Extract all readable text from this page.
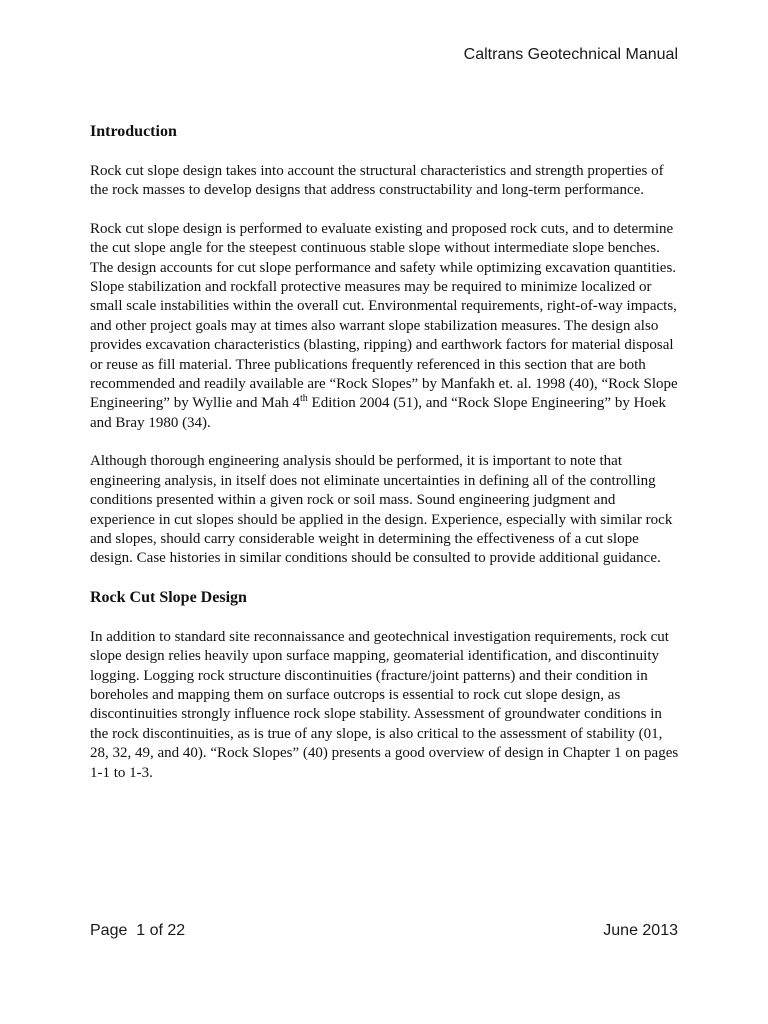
Caltrans Geotechnical Manual
Introduction

Rock cut slope design takes into account the structural characteristics and strength properties of the rock masses to develop designs that address constructability and long-term performance.

Rock cut slope design is performed to evaluate existing and proposed rock cuts, and to determine the cut slope angle for the steepest continuous stable slope without intermediate slope benches. The design accounts for cut slope performance and safety while optimizing excavation quantities. Slope stabilization and rockfall protective measures may be required to minimize localized or small scale instabilities within the overall cut. Environmental requirements, right-of-way impacts, and other project goals may at times also warrant slope stabilization measures. The design also provides excavation characteristics (blasting, ripping) and earthwork factors for material disposal or reuse as fill material. Three publications frequently referenced in this section that are both recommended and readily available are “Rock Slopes” by Manfakh et. al. 1998 (40), “Rock Slope Engineering” by Wyllie and Mah 4th Edition 2004 (51), and “Rock Slope Engineering” by Hoek and Bray 1980 (34).

Although thorough engineering analysis should be performed, it is important to note that engineering analysis, in itself does not eliminate uncertainties in defining all of the controlling conditions presented within a given rock or soil mass. Sound engineering judgment and experience in cut slopes should be applied in the design. Experience, especially with similar rock and slopes, should carry considerable weight in determining the effectiveness of a cut slope design. Case histories in similar conditions should be consulted to provide additional guidance.

Rock Cut Slope Design

In addition to standard site reconnaissance and geotechnical investigation requirements, rock cut slope design relies heavily upon surface mapping, geomaterial identification, and discontinuity logging. Logging rock structure discontinuities (fracture/joint patterns) and their condition in boreholes and mapping them on surface outcrops is essential to rock cut slope design, as discontinuities strongly influence rock slope stability. Assessment of groundwater conditions in the rock discontinuities, as is true of any slope, is also critical to the assessment of stability (01, 28, 32, 49, and 40). “Rock Slopes” (40) presents a good overview of design in Chapter 1 on pages 1-1 to 1-3.

Page  1 of 22	June 2013
